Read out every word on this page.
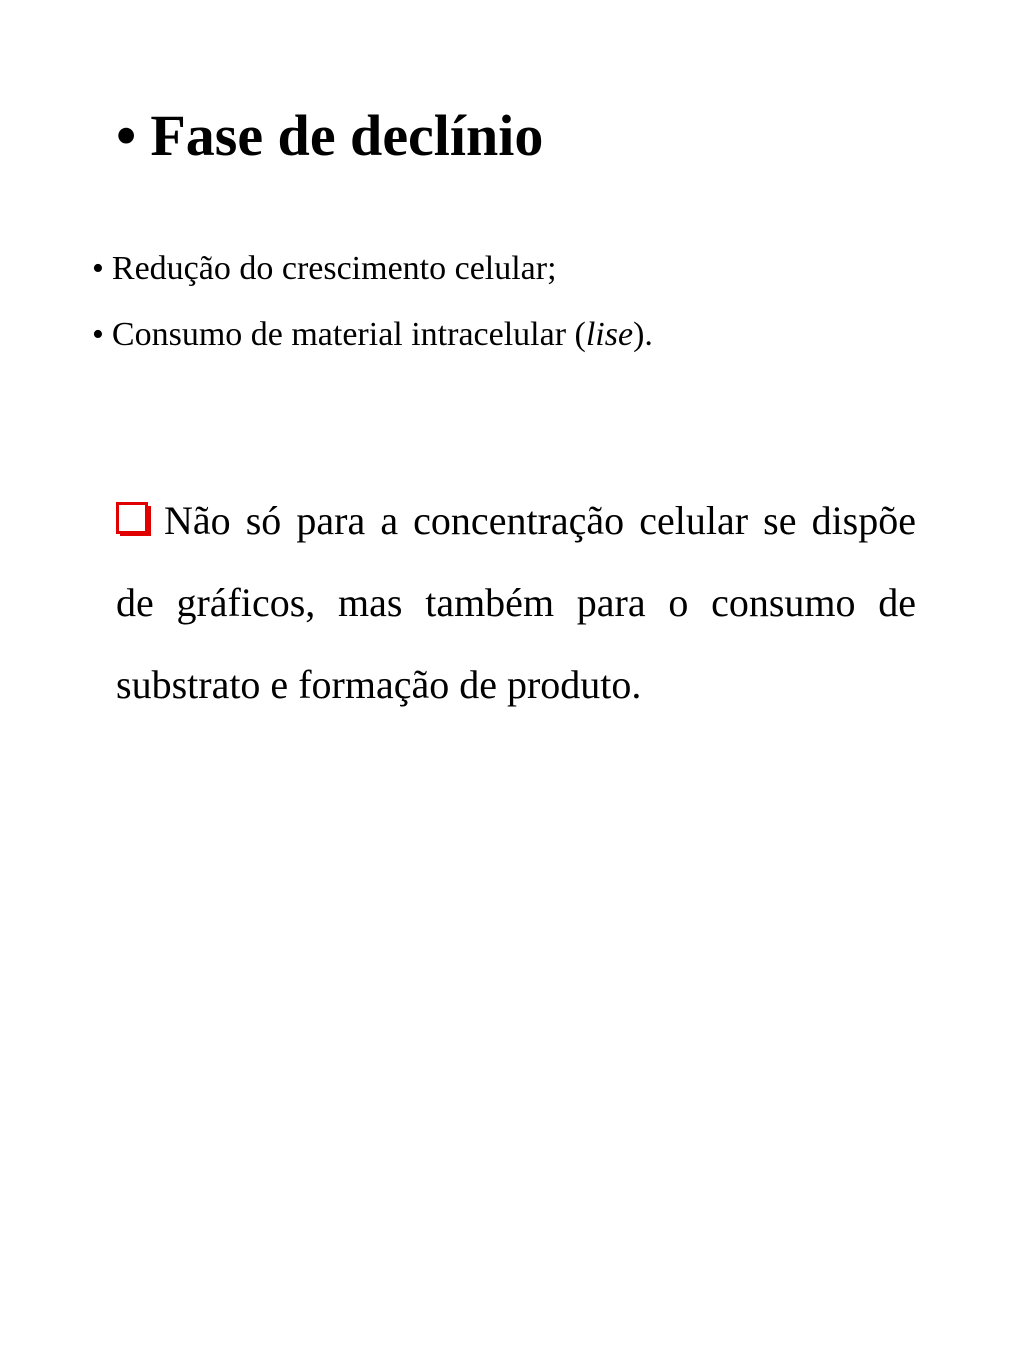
• Fase de declínio
• Redução do crescimento celular;
• Consumo de material intracelular (lise).

Não só para a concentração celular se dispõe de gráficos, mas também para o consumo de substrato e formação de produto.
